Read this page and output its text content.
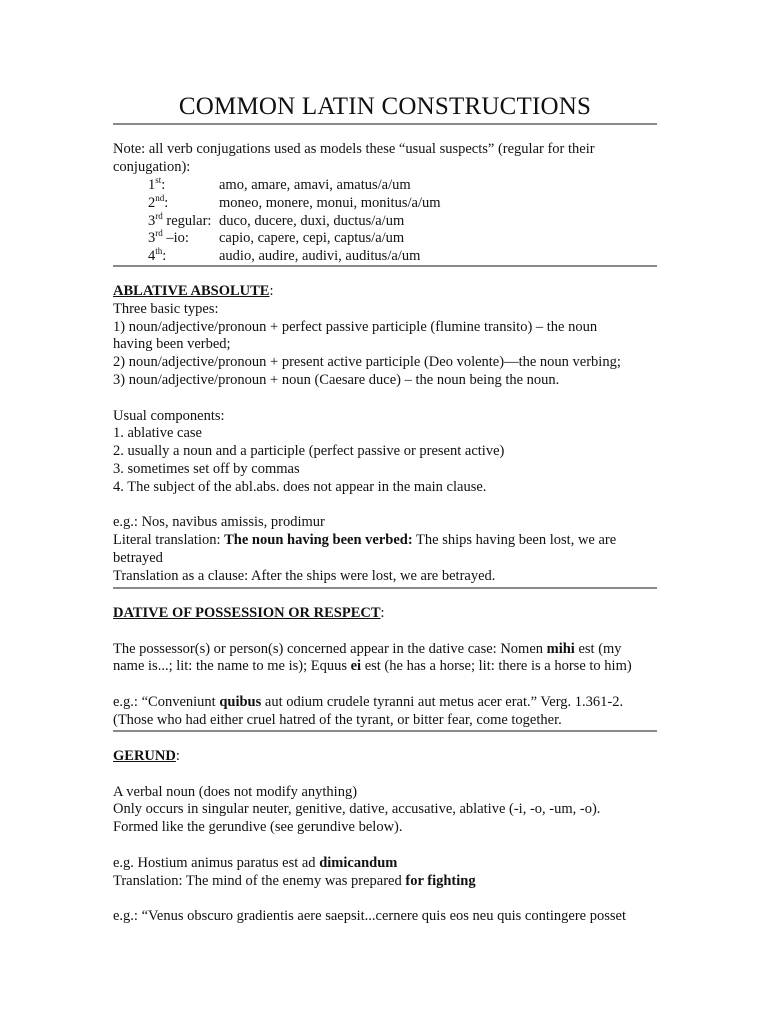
COMMON LATIN CONSTRUCTIONS
Note: all verb conjugations used as models these “usual suspects” (regular for their
conjugation):
1st:	amo, amare, amavi, amatus/a/um
2nd:	moneo, monere, monui, monitus/a/um
3rd regular: duco, ducere, duxi, ductus/a/um
3rd –io: capio, capere, cepi, captus/a/um
4th:	audio, audire, audivi, auditus/a/um
ABLATIVE ABSOLUTE:
Three basic types:
1) noun/adjective/pronoun + perfect passive participle (flumine transito) – the noun
having been verbed;
2) noun/adjective/pronoun + present active participle (Deo volente)—the noun verbing;
3) noun/adjective/pronoun + noun (Caesare duce) – the noun being the noun.
Usual components:
1. ablative case
2. usually a noun and a participle (perfect passive or present active)
3. sometimes set off by commas
4. The subject of the abl.abs. does not appear in the main clause.
e.g.: Nos, navibus amissis, prodimur
Literal translation: The noun having been verbed: The ships having been lost, we are
betrayed
Translation as a clause: After the ships were lost, we are betrayed.
DATIVE OF POSSESSION OR RESPECT:
The possessor(s) or person(s) concerned appear in the dative case: Nomen mihi est (my
name is...; lit: the name to me is); Equus ei est (he has a horse; lit: there is a horse to him)
e.g.: “Conveniunt quibus aut odium crudele tyranni aut metus acer erat.” Verg. 1.361-2.
(Those who had either cruel hatred of the tyrant, or bitter fear, come together.
GERUND:
A verbal noun (does not modify anything)
Only occurs in singular neuter, genitive, dative, accusative, ablative (-i, -o, -um, -o).
Formed like the gerundive (see gerundive below).
e.g. Hostium animus paratus est ad dimicandum
Translation: The mind of the enemy was prepared for fighting
e.g.: “Venus obscuro gradientis aere saepsit...cernere quis eos neu quis contingere posset
